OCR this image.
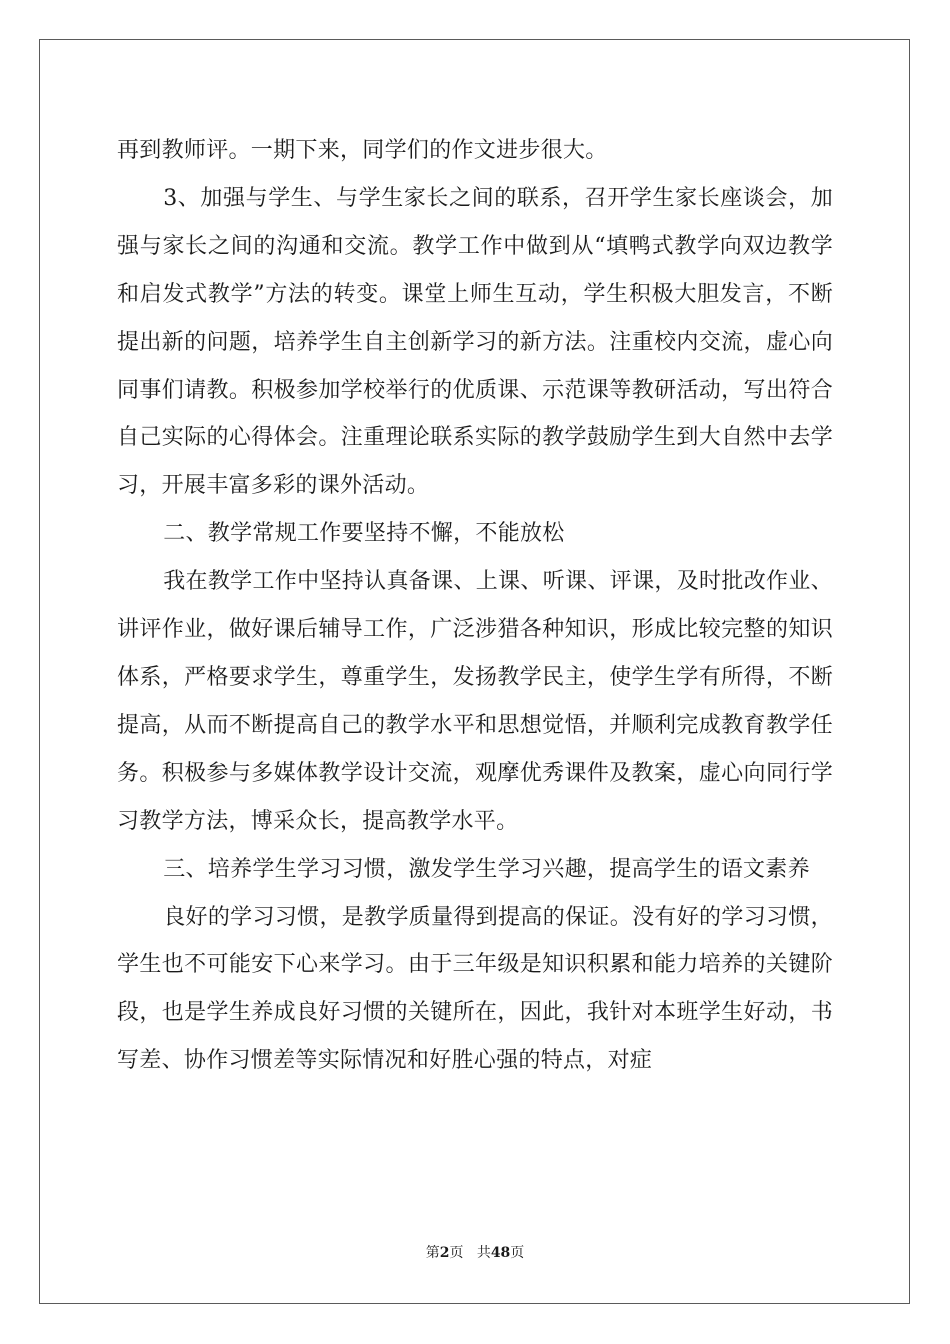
再到教师评。一期下来，同学们的作文进步很大。

3、加强与学生、与学生家长之间的联系，召开学生家长座谈会，加强与家长之间的沟通和交流。教学工作中做到从“填鸭式教学向双边教学和启发式教学”方法的转变。课堂上师生互动，学生积极大胆发言，不断提出新的问题，培养学生自主创新学习的新方法。注重校内交流，虚心向同事们请教。积极参加学校举行的优质课、示范课等教研活动，写出符合自己实际的心得体会。注重理论联系实际的教学鼓励学生到大自然中去学习，开展丰富多彩的课外活动。

二、教学常规工作要坚持不懈，不能放松

我在教学工作中坚持认真备课、上课、听课、评课，及时批改作业、讲评作业，做好课后辅导工作，广泛涉猎各种知识，形成比较完整的知识体系，严格要求学生，尊重学生，发扬教学民主，使学生学有所得，不断提高，从而不断提高自己的教学水平和思想觉悟，并顺利完成教育教学任务。积极参与多媒体教学设计交流，观摩优秀课件及教案，虚心向同行学习教学方法，博采众长，提高教学水平。

三、培养学生学习习惯，激发学生学习兴趣，提高学生的语文素养

良好的学习习惯，是教学质量得到提高的保证。没有好的学习习惯，学生也不可能安下心来学习。由于三年级是知识积累和能力培养的关键阶段，也是学生养成良好习惯的关键所在，因此，我针对本班学生好动，书写差、协作习惯差等实际情况和好胜心强的特点，对症

第2页 共48页
